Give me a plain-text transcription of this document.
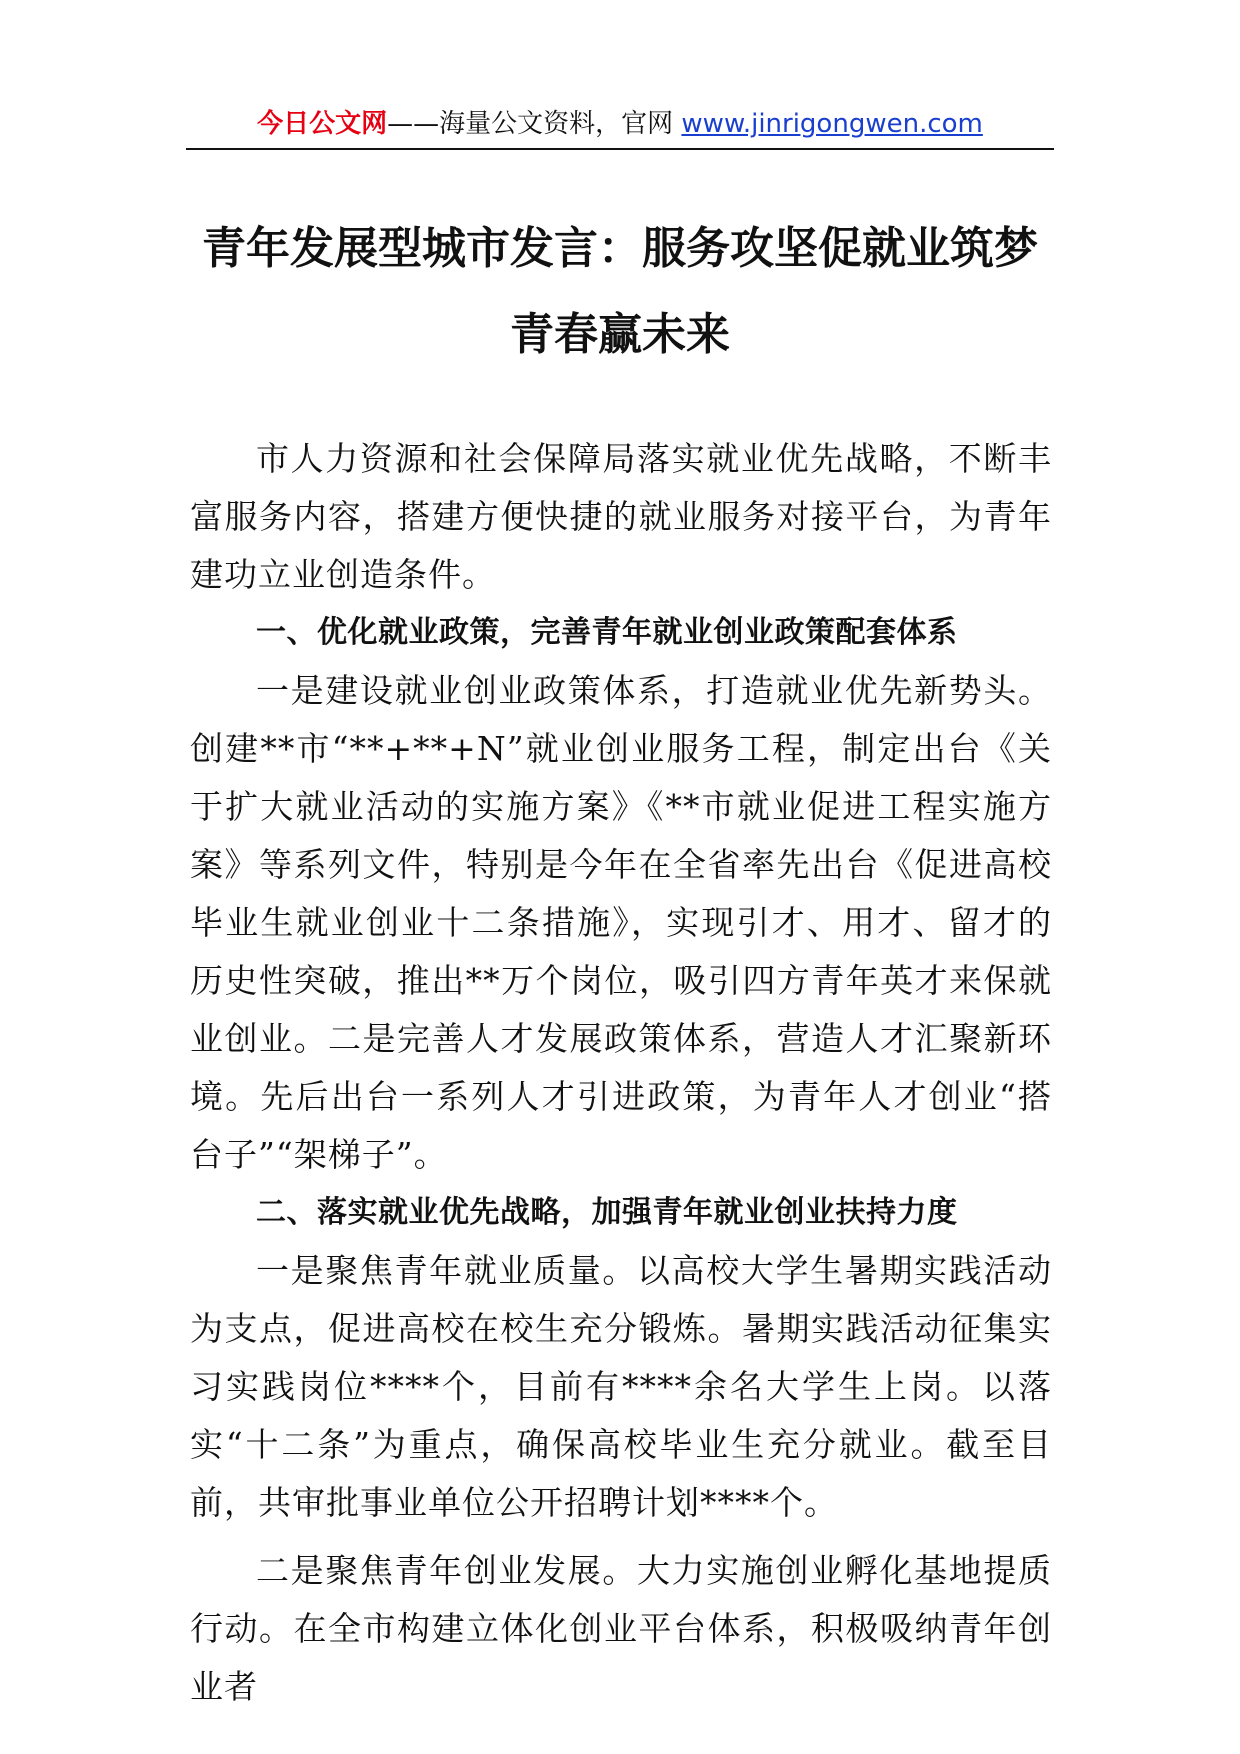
今日公文网——海量公文资料，官网 www.jinrigongwen.com
青年发展型城市发言：服务攻坚促就业筑梦青春赢未来

市人力资源和社会保障局落实就业优先战略，不断丰富服务内容，搭建方便快捷的就业服务对接平台，为青年建功立业创造条件。

一、优化就业政策，完善青年就业创业政策配套体系

一是建设就业创业政策体系，打造就业优先新势头。创建**市“**+**+N”就业创业服务工程，制定出台《关于扩大就业活动的实施方案》《**市就业促进工程实施方案》等系列文件，特别是今年在全省率先出台《促进高校毕业生就业创业十二条措施》，实现引才、用才、留才的历史性突破，推出**万个岗位，吸引四方青年英才来保就业创业。二是完善人才发展政策体系，营造人才汇聚新环境。先后出台一系列人才引进政策，为青年人才创业“搭台子”“架梯子”。

二、落实就业优先战略，加强青年就业创业扶持力度

一是聚焦青年就业质量。以高校大学生暑期实践活动为支点，促进高校在校生充分锻炼。暑期实践活动征集实习实践岗位****个，目前有****余名大学生上岗。以落实“十二条”为重点，确保高校毕业生充分就业。截至目前，共审批事业单位公开招聘计划****个。

二是聚焦青年创业发展。大力实施创业孵化基地提质行动。在全市构建立体化创业平台体系，积极吸纳青年创业者
